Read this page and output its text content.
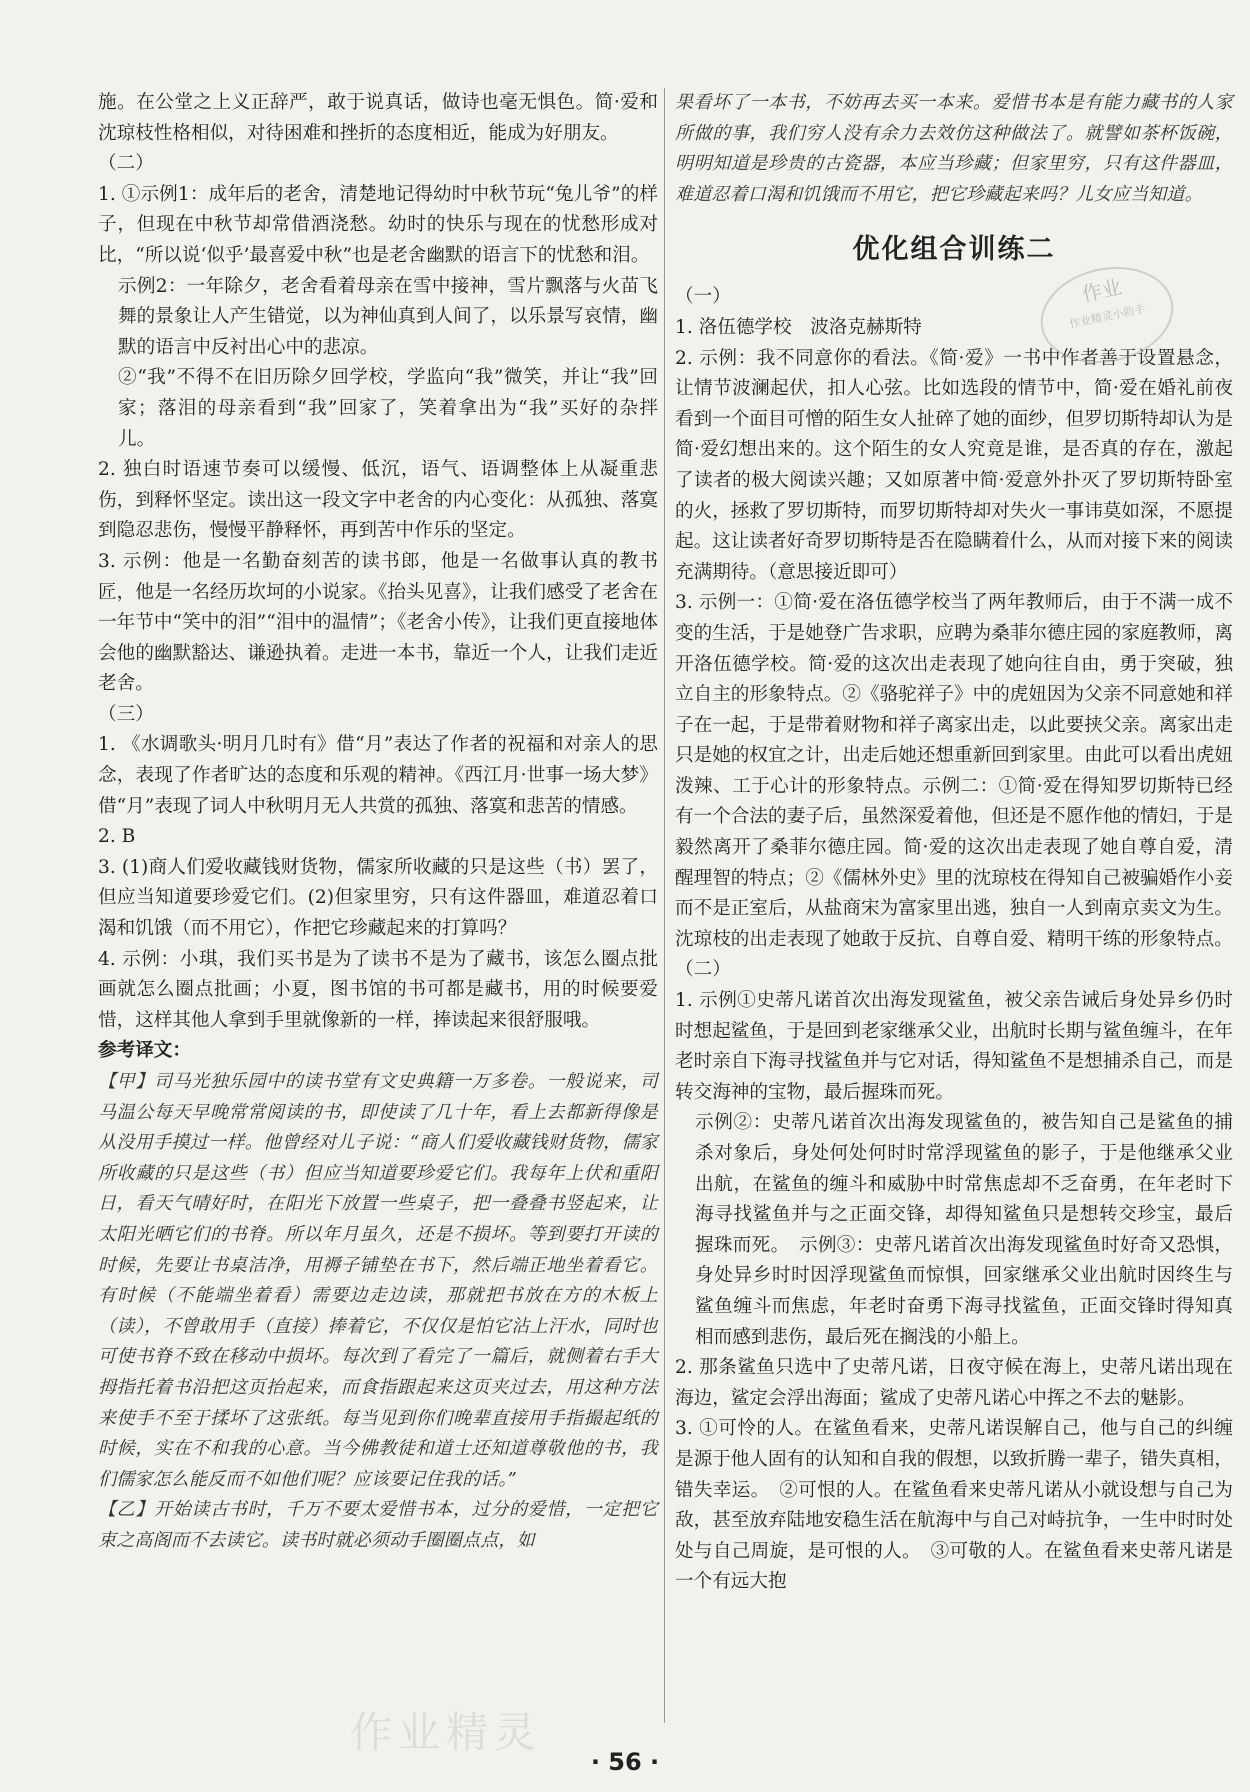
施。在公堂之上义正辞严，敢于说真话，做诗也毫无惧色。简·爱和沈琼枝性格相似，对待困难和挫折的态度相近，能成为好朋友。

（二）

1. ①示例1：成年后的老舍，清楚地记得幼时中秋节玩“兔儿爷”的样子，但现在中秋节却常借酒浇愁。幼时的快乐与现在的忧愁形成对比，“所以说‘似乎’最喜爱中秋”也是老舍幽默的语言下的忧愁和泪。

示例2：一年除夕，老舍看着母亲在雪中接神，雪片飘落与火苗飞舞的景象让人产生错觉，以为神仙真到人间了，以乐景写哀情，幽默的语言中反衬出心中的悲凉。

②“我”不得不在旧历除夕回学校，学监向“我”微笑，并让“我”回家；落泪的母亲看到“我”回家了，笑着拿出为“我”买好的杂拌儿。

2. 独白时语速节奏可以缓慢、低沉，语气、语调整体上从凝重悲伤，到释怀坚定。读出这一段文字中老舍的内心变化：从孤独、落寞到隐忍悲伤，慢慢平静释怀，再到苦中作乐的坚定。

3. 示例：他是一名勤奋刻苦的读书郎，他是一名做事认真的教书匠，他是一名经历坎坷的小说家。《抬头见喜》，让我们感受了老舍在一年节中“笑中的泪”“泪中的温情”；《老舍小传》，让我们更直接地体会他的幽默豁达、谦逊执着。走进一本书，靠近一个人，让我们走近老舍。

（三）

1. 《水调歌头·明月几时有》借“月”表达了作者的祝福和对亲人的思念，表现了作者旷达的态度和乐观的精神。《西江月·世事一场大梦》借“月”表现了词人中秋明月无人共赏的孤独、落寞和悲苦的情感。

2. B

3. (1)商人们爱收藏钱财货物，儒家所收藏的只是这些（书）罢了，但应当知道要珍爱它们。(2)但家里穷，只有这件器皿，难道忍着口渴和饥饿（而不用它），作把它珍藏起来的打算吗？

4. 示例：小琪，我们买书是为了读书不是为了藏书，该怎么圈点批画就怎么圈点批画；小夏，图书馆的书可都是藏书，用的时候要爱惜，这样其他人拿到手里就像新的一样，捧读起来很舒服哦。

参考译文：

【甲】司马光独乐园中的读书堂有文史典籍一万多卷。一般说来，司马温公每天早晚常常阅读的书，即使读了几十年，看上去都新得像是从没用手摸过一样。他曾经对儿子说：“商人们爱收藏钱财货物，儒家所收藏的只是这些（书）但应当知道要珍爱它们。我每年上伏和重阳日，看天气晴好时，在阳光下放置一些桌子，把一叠叠书竖起来，让太阳光晒它们的书脊。所以年月虽久，还是不损坏。等到要打开读的时候，先要让书桌洁净，用褥子铺垫在书下，然后端正地坐着看它。有时候（不能端坐着看）需要边走边读，那就把书放在方的木板上（读），不曾敢用手（直接）捧着它，不仅仅是怕它沾上汗水，同时也可使书脊不致在移动中损坏。每次到了看完了一篇后，就侧着右手大拇指托着书沿把这页抬起来，而食指跟起来这页夹过去，用这种方法来使手不至于揉坏了这张纸。每当见到你们晚辈直接用手指撮起纸的时候，实在不和我的心意。当今佛教徒和道士还知道尊敬他的书，我们儒家怎么能反而不如他们呢？应该要记住我的话。”

【乙】开始读古书时，千万不要太爱惜书本，过分的爱惜，一定把它束之高阁而不去读它。读书时就必须动手圈圈点点，如

果看坏了一本书，不妨再去买一本来。爱惜书本是有能力藏书的人家所做的事，我们穷人没有余力去效仿这种做法了。就譬如茶杯饭碗，明明知道是珍贵的古瓷器，本应当珍藏；但家里穷，只有这件器皿，难道忍着口渴和饥饿而不用它，把它珍藏起来吗？儿女应当知道。

优化组合训练二

（一）

1. 洛伍德学校　波洛克赫斯特

2. 示例：我不同意你的看法。《简·爱》一书中作者善于设置悬念，让情节波澜起伏，扣人心弦。比如选段的情节中，简·爱在婚礼前夜看到一个面目可憎的陌生女人扯碎了她的面纱，但罗切斯特却认为是简·爱幻想出来的。这个陌生的女人究竟是谁，是否真的存在，激起了读者的极大阅读兴趣；又如原著中简·爱意外扑灭了罗切斯特卧室的火，拯救了罗切斯特，而罗切斯特却对失火一事讳莫如深，不愿提起。这让读者好奇罗切斯特是否在隐瞒着什么，从而对接下来的阅读充满期待。（意思接近即可）

3. 示例一：①简·爱在洛伍德学校当了两年教师后，由于不满一成不变的生活，于是她登广告求职，应聘为桑菲尔德庄园的家庭教师，离开洛伍德学校。简·爱的这次出走表现了她向往自由，勇于突破，独立自主的形象特点。②《骆驼祥子》中的虎妞因为父亲不同意她和祥子在一起，于是带着财物和祥子离家出走，以此要挟父亲。离家出走只是她的权宜之计，出走后她还想重新回到家里。由此可以看出虎妞泼辣、工于心计的形象特点。示例二：①简·爱在得知罗切斯特已经有一个合法的妻子后，虽然深爱着他，但还是不愿作他的情妇，于是毅然离开了桑菲尔德庄园。简·爱的这次出走表现了她自尊自爱，清醒理智的特点；②《儒林外史》里的沈琼枝在得知自己被骗婚作小妾而不是正室后，从盐商宋为富家里出逃，独自一人到南京卖文为生。沈琼枝的出走表现了她敢于反抗、自尊自爱、精明干练的形象特点。

（二）

1. 示例①史蒂凡诺首次出海发现鲨鱼，被父亲告诫后身处异乡仍时时想起鲨鱼，于是回到老家继承父业，出航时长期与鲨鱼缠斗，在年老时亲自下海寻找鲨鱼并与它对话，得知鲨鱼不是想捕杀自己，而是转交海神的宝物，最后握珠而死。

示例②：史蒂凡诺首次出海发现鲨鱼的，被告知自己是鲨鱼的捕杀对象后，身处何处何时时常浮现鲨鱼的影子，于是他继承父业出航，在鲨鱼的缠斗和威胁中时常焦虑却不乏奋勇，在年老时下海寻找鲨鱼并与之正面交锋，却得知鲨鱼只是想转交珍宝，最后握珠而死。　示例③：史蒂凡诺首次出海发现鲨鱼时好奇又恐惧，身处异乡时时因浮现鲨鱼而惊惧，回家继承父业出航时因终生与鲨鱼缠斗而焦虑，年老时奋勇下海寻找鲨鱼，正面交锋时得知真相而感到悲伤，最后死在搁浅的小船上。

2. 那条鲨鱼只选中了史蒂凡诺，日夜守候在海上，史蒂凡诺出现在海边，鲨定会浮出海面；鲨成了史蒂凡诺心中挥之不去的魅影。

3. ①可怜的人。在鲨鱼看来，史蒂凡诺误解自己，他与自己的纠缠是源于他人固有的认知和自我的假想，以致折腾一辈子，错失真相，错失幸运。　②可恨的人。在鲨鱼看来史蒂凡诺从小就设想与自己为敌，甚至放弃陆地安稳生活在航海中与自己对峙抗争，一生中时时处处与自己周旋，是可恨的人。　③可敬的人。在鲨鱼看来史蒂凡诺是一个有远大抱

作业
作业精灵小助手
作业精灵
· 56 ·
